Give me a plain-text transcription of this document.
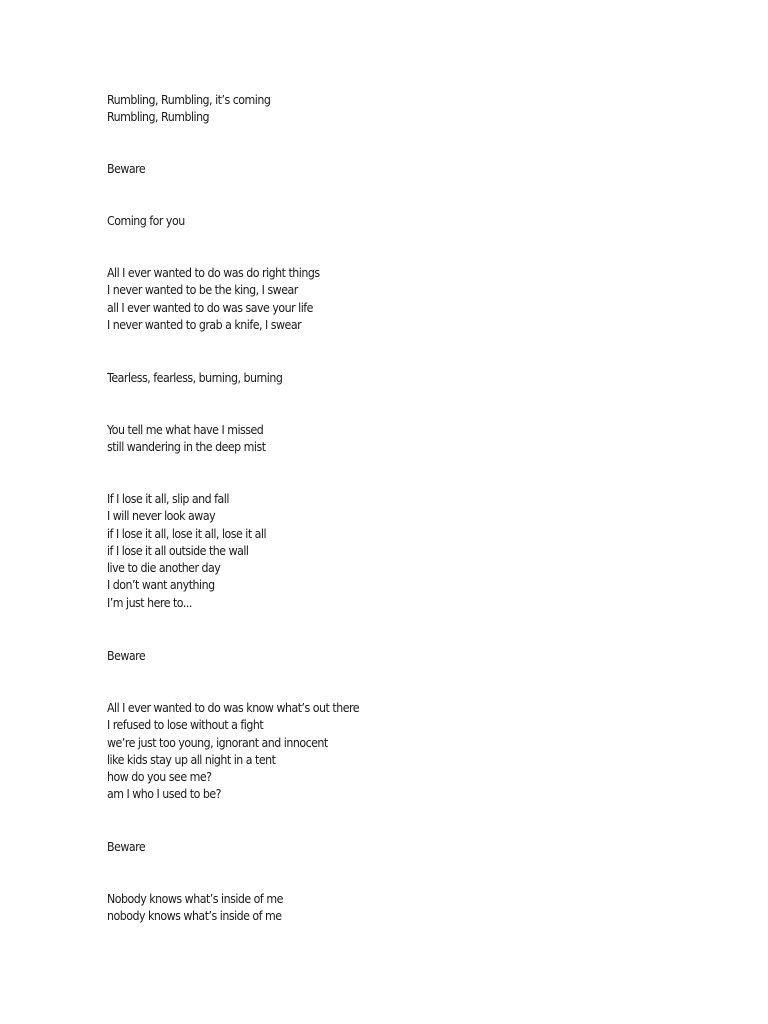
Rumbling, Rumbling, it’s coming
Rumbling, Rumbling
Beware
Coming for you
All I ever wanted to do was do right things
I never wanted to be the king, I swear
all I ever wanted to do was save your life
I never wanted to grab a knife, I swear
Tearless, fearless, burning, burning
You tell me what have I missed
still wandering in the deep mist
If I lose it all, slip and fall
I will never look away
if I lose it all, lose it all, lose it all
if I lose it all outside the wall
live to die another day
I don’t want anything
I’m just here to...
Beware
All I ever wanted to do was know what’s out there
I refused to lose without a fight
we’re just too young, ignorant and innocent
like kids stay up all night in a tent
how do you see me?
am I who I used to be?
Beware
Nobody knows what’s inside of me
nobody knows what’s inside of me
